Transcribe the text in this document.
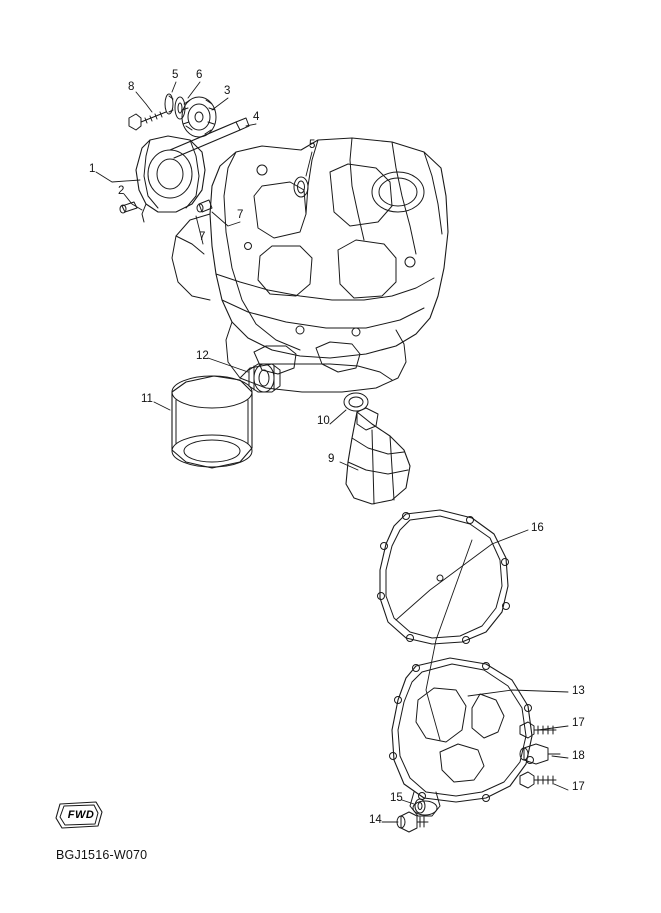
FWD
BGJ1516-W070
8
5 6
3
4
1
2
5
7
7
12
11
10
9
16
13
17
18
17
15
14
